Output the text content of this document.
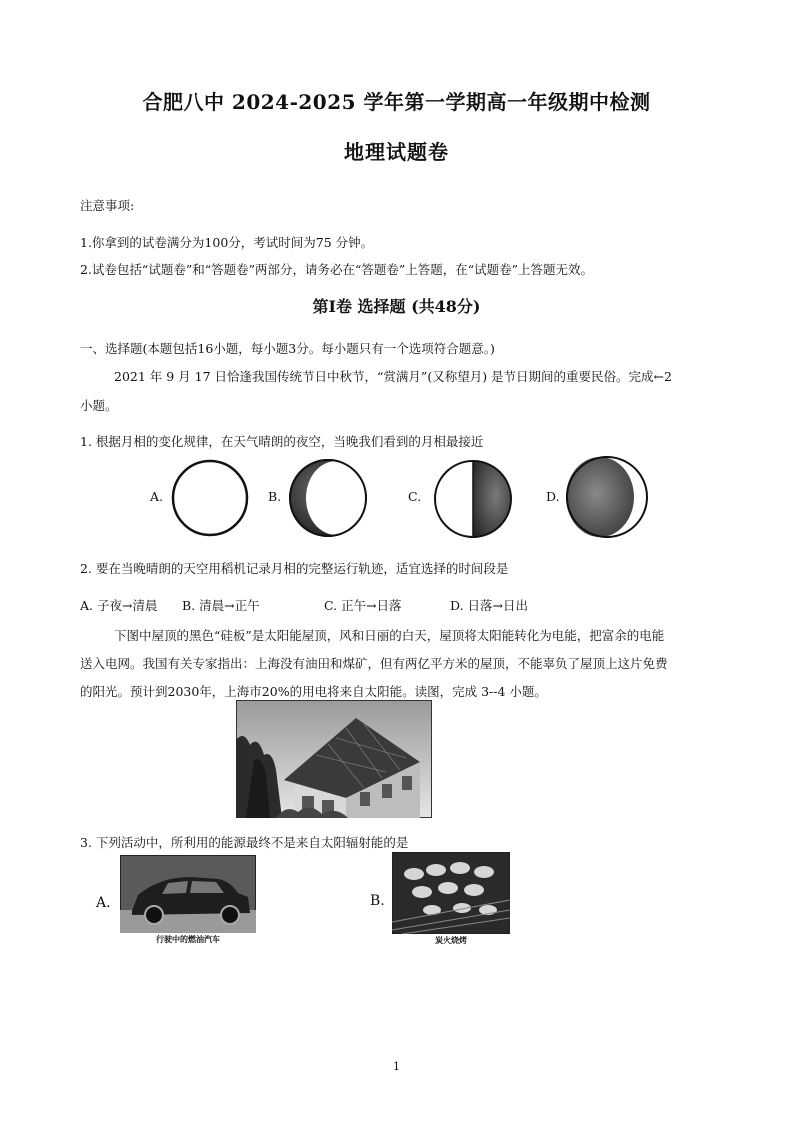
合肥八中 2024-2025 学年第一学期高一年级期中检测
地理试题卷
注意事项:
1.你拿到的试卷满分为100分，考试时间为75 分钟。
2.试卷包括“试题卷”和“答题卷”两部分，请务必在“答题卷”上答题，在“试题卷”上答题无效。
第Ⅰ卷 选择题 (共48分)
一、选择题(本题包括16小题，每小题3分。每小题只有一个选项符合题意。)
2021 年 9 月 17 日恰逢我国传统节日中秋节，“赏满月”(又称望月) 是节日期间的重要民俗。完成←2
小题。
1. 根据月相的变化规律，在天气晴朗的夜空，当晚我们看到的月相最接近
A.	B.	C.	D.
2. 要在当晚晴朗的天空用稻机记录月相的完整运行轨迹，适宜选择的时间段是
A. 子夜→清晨 B. 清晨→正午	C. 正午→日落	D. 日落→日出
下图中屋顶的黑色“硅板”是太阳能屋顶，风和日丽的白天，屋顶将太阳能转化为电能，把富余的电能
送入电网。我国有关专家指出：上海没有油田和煤矿，但有两亿平方米的屋顶，不能辜负了屋顶上这片免费
的阳光。预计到2030年，上海市20%的用电将来自太阳能。读图，完成 3--4 小题。
3. 下列活动中，所利用的能源最终不是来自太阳辐射能的是
A.
行驶中的燃油汽车
B.
炭火烧烤
1
